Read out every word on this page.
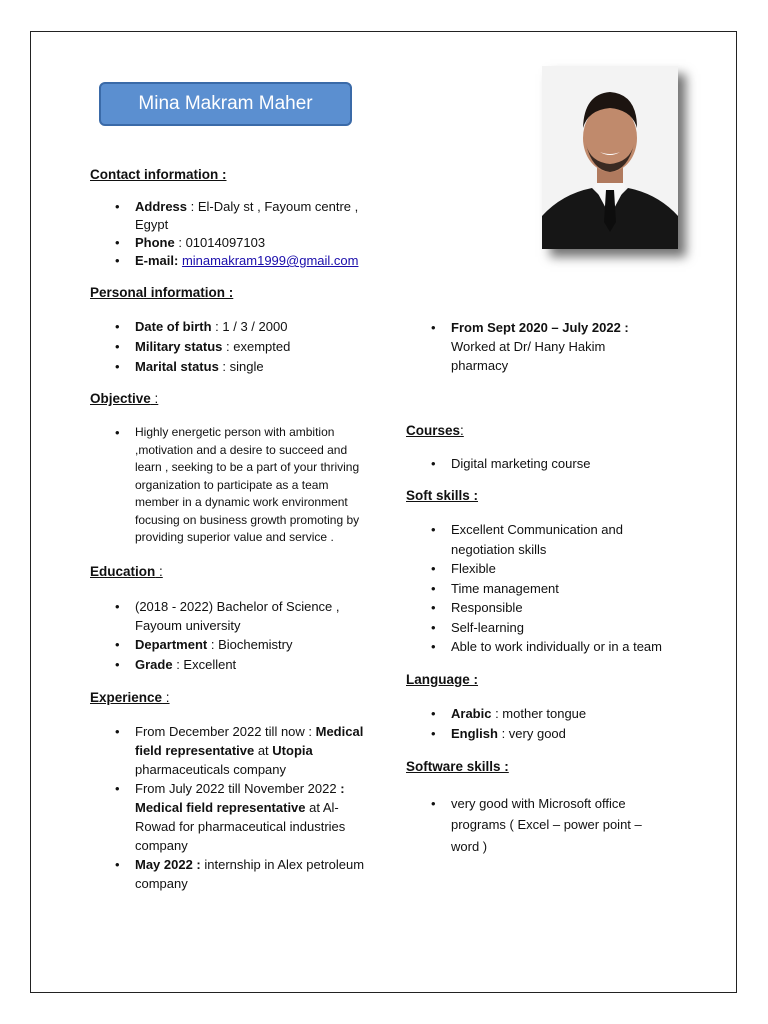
Mina Makram Maher

Contact information :

• Address : El-Daly st , Fayoum centre , Egypt
• Phone : 01014097103
• E-mail: minamakram1999@gmail.com

Personal information :

• Date of birth : 1 / 3 / 2000
• Military status : exempted
• Marital status : single

Objective :

• Highly energetic person with ambition ,motivation and a desire to succeed and learn , seeking to be a part of your thriving organization to participate as a team member in a dynamic work environment focusing on business growth promoting by providing superior value and service .

Education :

• (2018 - 2022) Bachelor of Science , Fayoum university
• Department : Biochemistry
• Grade : Excellent

Experience :

• From December 2022 till now : Medical field representative at Utopia pharmaceuticals company
• From July 2022 till November 2022 : Medical field representative at Al-Rowad for pharmaceutical industries company
• May 2022 : internship in Alex petroleum company
• From Sept 2020 – July 2022 : Worked at Dr/ Hany Hakim pharmacy

Courses:

• Digital marketing course

Soft skills :

• Excellent Communication and negotiation skills
• Flexible
• Time management
• Responsible
• Self-learning
• Able to work individually or in a team

Language :

• Arabic : mother tongue
• English : very good

Software skills :

• very good with Microsoft office programs ( Excel – power point – word )
